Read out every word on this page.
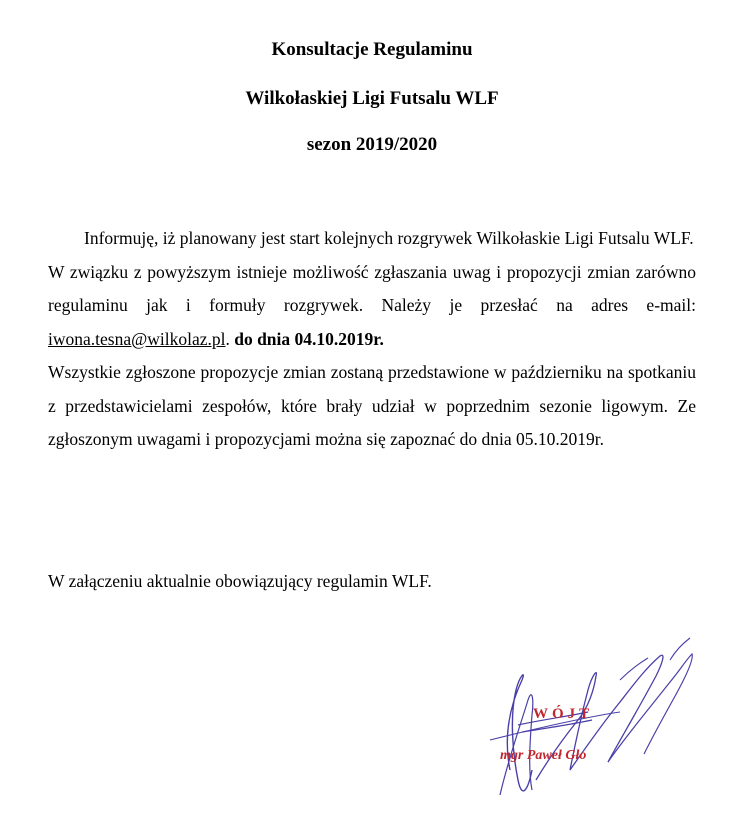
Konsultacje Regulaminu
Wilkołaskiej Ligi Futsalu WLF
sezon 2019/2020

Informuję, iż planowany jest start kolejnych rozgrywek Wilkołaskie Ligi Futsalu WLF.

W związku z powyższym istnieje możliwość zgłaszania uwag i propozycji zmian zarówno regulaminu jak i formuły rozgrywek. Należy je przesłać na adres e-mail: iwona.tesna@wilkolaz.pl. do dnia 04.10.2019r.

Wszystkie zgłoszone propozycje zmian zostaną przedstawione w październiku na spotkaniu z przedstawicielami zespołów, które brały udział w poprzednim sezonie ligowym. Ze zgłoszonym uwagami i propozycjami można się zapoznać do dnia 05.10.2019r.

W załączeniu aktualnie obowiązujący regulamin WLF.

WÓJT
mgr Paweł Gło
